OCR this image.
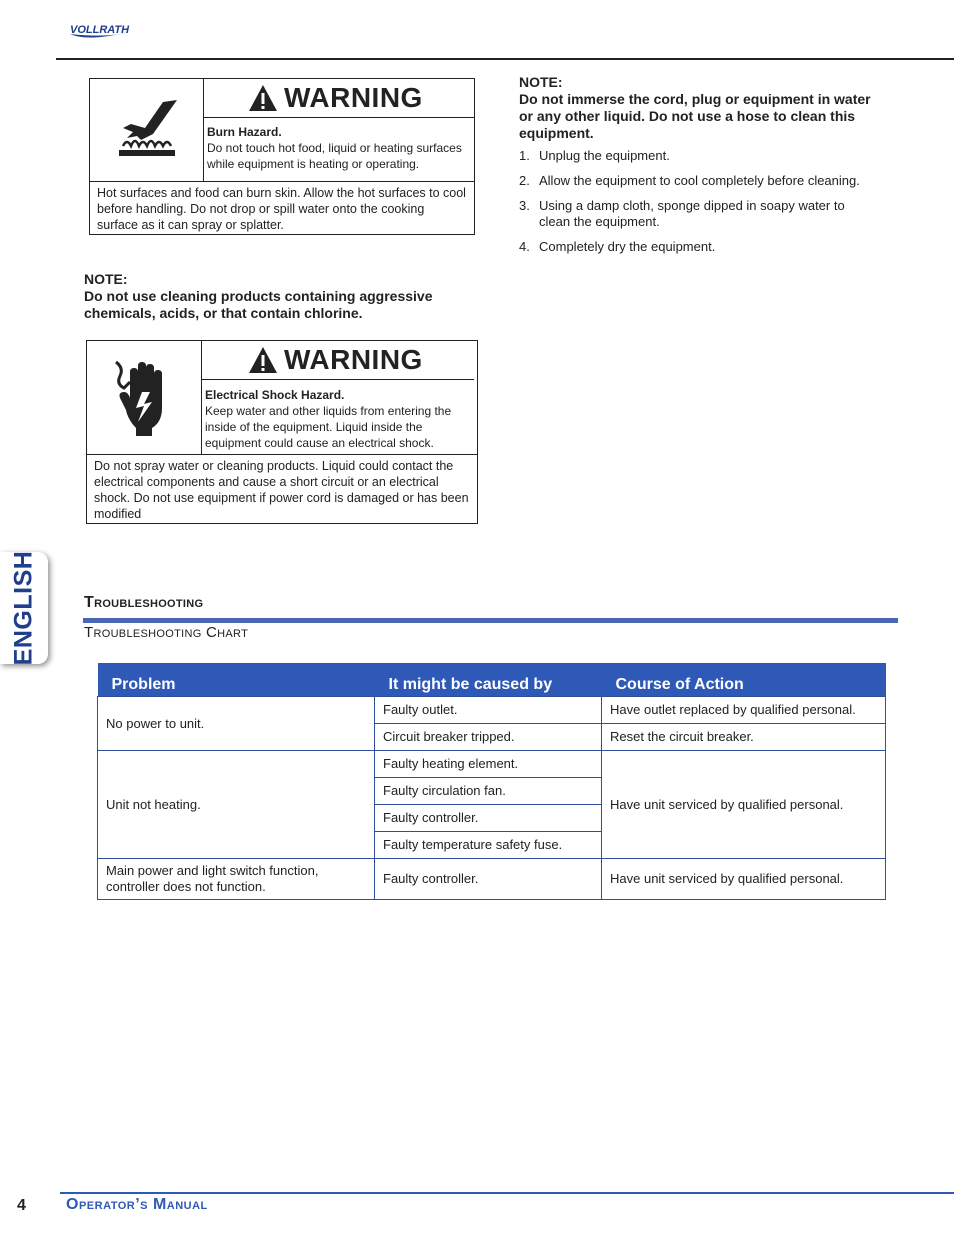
VOLLRATH
WARNING
Burn Hazard.
Do not touch hot food, liquid or heating surfaces while equipment is heating or operating.
Hot surfaces and food can burn skin. Allow the hot surfaces to cool before handling. Do not drop or spill water onto the cooking surface as it can spray or splatter.
NOTE:
Do not use cleaning products containing aggressive chemicals, acids, or that contain chlorine.
WARNING
Electrical Shock Hazard.
Keep water and other liquids from entering the inside of the equipment. Liquid inside the equipment could cause an electrical shock.
Do not spray water or cleaning products. Liquid could contact the electrical components and cause a short circuit or an electrical shock. Do not use equipment if power cord is damaged or has been modified
NOTE:
Do not immerse the cord, plug or equipment in water or any other liquid. Do not use a hose to clean this equipment.
1. Unplug the equipment.
2. Allow the equipment to cool completely before cleaning.
3. Using a damp cloth, sponge dipped in soapy water to clean the equipment.
4. Completely dry the equipment.
ENGLISH	Troubleshooting
Troubleshooting Chart
Problem	It might be caused by	Course of Action
No power to unit.	Faulty outlet.	Have outlet replaced by qualified personal.
	Circuit breaker tripped.	Reset the circuit breaker.
Unit not heating.	Faulty heating element.	Have unit serviced by qualified personal.
	Faulty circulation fan.	
	Faulty controller.	
	Faulty temperature safety fuse.	
Main power and light switch function, controller does not function.	Faulty controller.	Have unit serviced by qualified personal.
4	Operator’s Manual
